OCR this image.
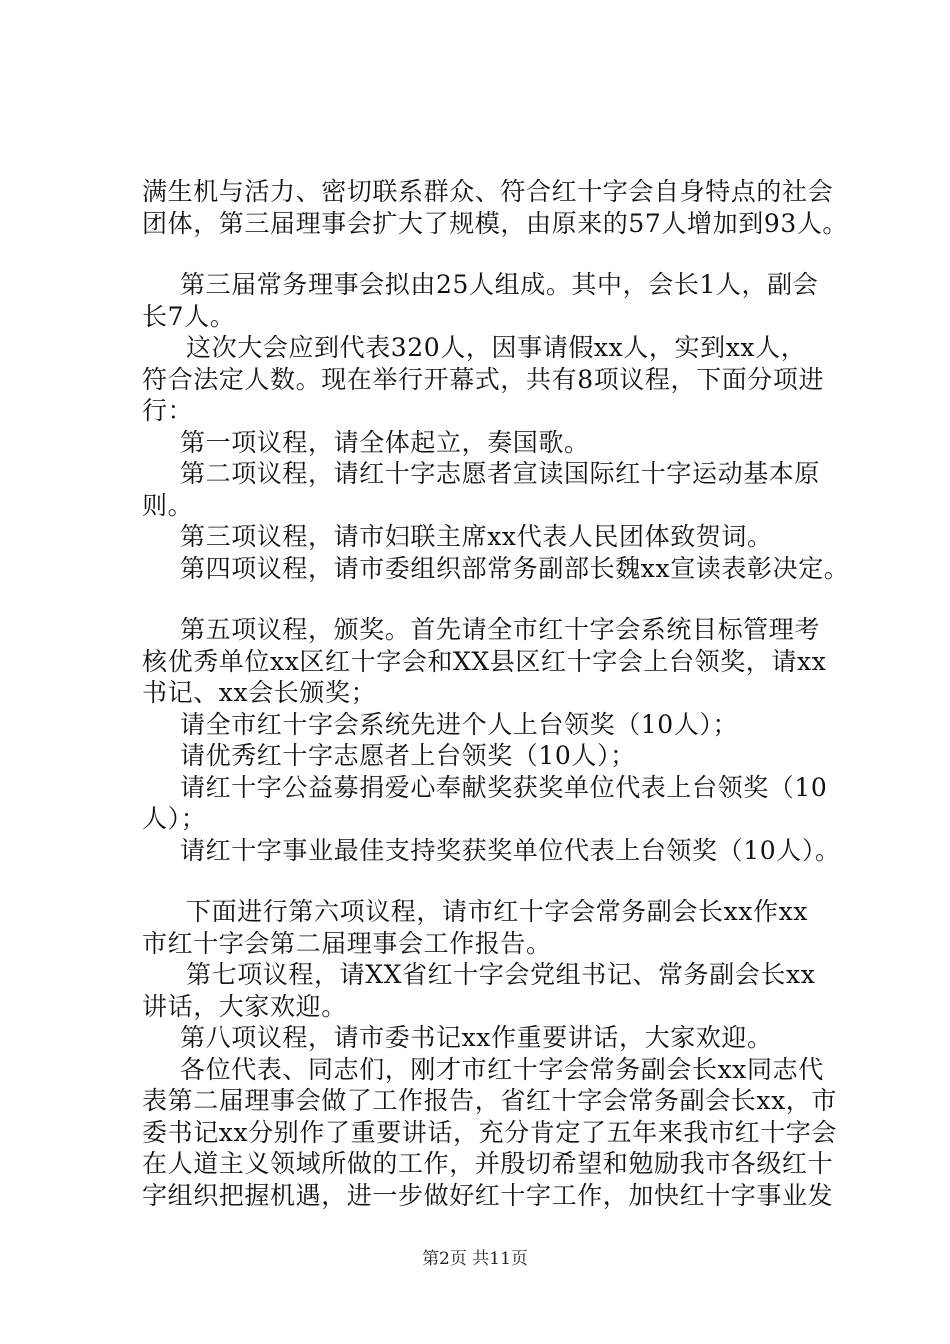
满生机与活力、密切联系群众、符合红十字会自身特点的社会
团体，第三届理事会扩大了规模，由原来的57人增加到93人。

第三届常务理事会拟由25人组成。其中，会长1人，副会
长7人。
这次大会应到代表320人，因事请假xx人，实到xx人，
符合法定人数。现在举行开幕式，共有8项议程，下面分项进
行：
第一项议程，请全体起立，奏国歌。
第二项议程，请红十字志愿者宣读国际红十字运动基本原
则。
第三项议程，请市妇联主席xx代表人民团体致贺词。
第四项议程，请市委组织部常务副部长魏xx宣读表彰决定。

第五项议程，颁奖。首先请全市红十字会系统目标管理考
核优秀单位xx区红十字会和XX县区红十字会上台领奖，请xx
书记、xx会长颁奖；
请全市红十字会系统先进个人上台领奖（10人）；
请优秀红十字志愿者上台领奖（10人）；
请红十字公益募捐爱心奉献奖获奖单位代表上台领奖（10
人）；
请红十字事业最佳支持奖获奖单位代表上台领奖（10人）。

下面进行第六项议程，请市红十字会常务副会长xx作xx
市红十字会第二届理事会工作报告。
第七项议程，请XX省红十字会党组书记、常务副会长xx
讲话，大家欢迎。
第八项议程，请市委书记xx作重要讲话，大家欢迎。
各位代表、同志们，刚才市红十字会常务副会长xx同志代
表第二届理事会做了工作报告，省红十字会常务副会长xx，市
委书记xx分别作了重要讲话，充分肯定了五年来我市红十字会
在人道主义领域所做的工作，并殷切希望和勉励我市各级红十
字组织把握机遇，进一步做好红十字工作，加快红十字事业发

第2页 共11页
